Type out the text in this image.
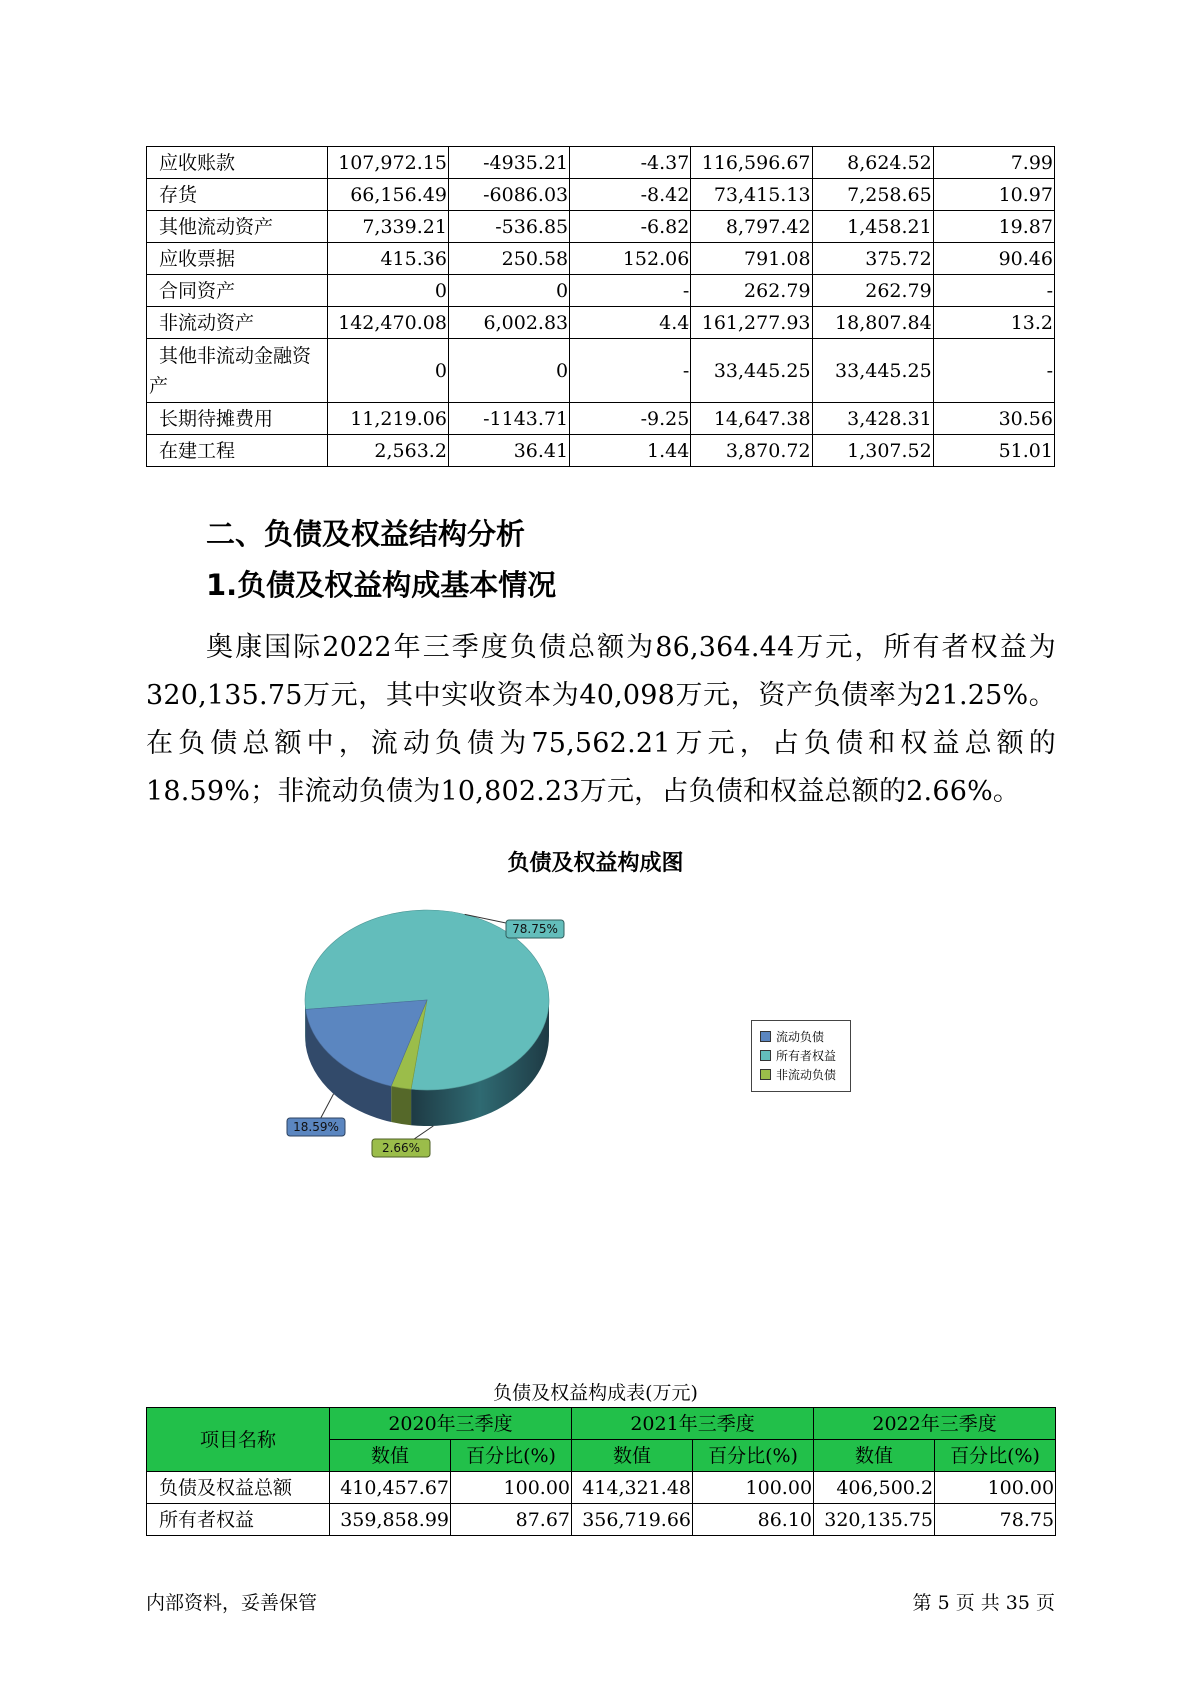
应收账款	107,972.15	-4935.21	-4.37	116,596.67	8,624.52	7.99
存货	66,156.49	-6086.03	-8.42	73,415.13	7,258.65	10.97
其他流动资产	7,339.21	-536.85	-6.82	8,797.42	1,458.21	19.87
应收票据	415.36	250.58	152.06	791.08	375.72	90.46
合同资产	0	0	-	262.79	262.79	-
非流动资产	142,470.08	6,002.83	4.4	161,277.93	18,807.84	13.2
其他非流动金融资产	0	0	-	33,445.25	33,445.25	-
长期待摊费用	11,219.06	-1143.71	-9.25	14,647.38	3,428.31	30.56
在建工程	2,563.2	36.41	1.44	3,870.72	1,307.52	51.01
二、负债及权益结构分析
1.负债及权益构成基本情况
奥康国际2022年三季度负债总额为86,364.44万元，所有者权益为320,135.75万元，其中实收资本为40,098万元，资产负债率为21.25%。在负债总额中，流动负债为75,562.21万元，占负债和权益总额的18.59%；非流动负债为10,802.23万元，占负债和权益总额的2.66%。
负债及权益构成图
78.75%
2.66%
18.59%
流动负债
所有者权益
非流动负债
负债及权益构成表(万元)
项目名称	2020年三季度		2021年三季度		2022年三季度	
	数值	百分比(%)	数值	百分比(%)	数值	百分比(%)
负债及权益总额	410,457.67	100.00	414,321.48	100.00	406,500.2	100.00
所有者权益	359,858.99	87.67	356,719.66	86.10	320,135.75	78.75
内部资料，妥善保管	第 5 页 共 35 页
